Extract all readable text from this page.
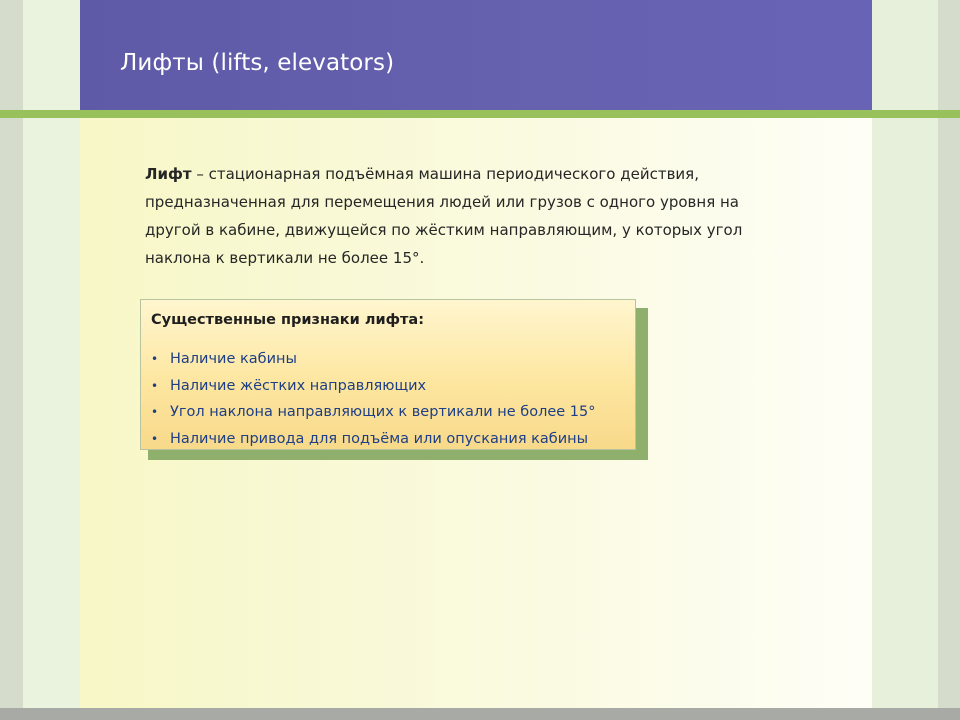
Лифты (lifts, elevators)
Лифт – стационарная подъёмная машина периодического действия, предназначенная для перемещения людей или грузов с одного уровня на другой в кабине, движущейся по жёстким направляющим, у которых угол наклона к вертикали не более 15°.
Существенные признаки лифта:
• Наличие кабины
• Наличие жёстких направляющих
• Угол наклона направляющих к вертикали не более 15°
• Наличие привода для подъёма или опускания кабины
